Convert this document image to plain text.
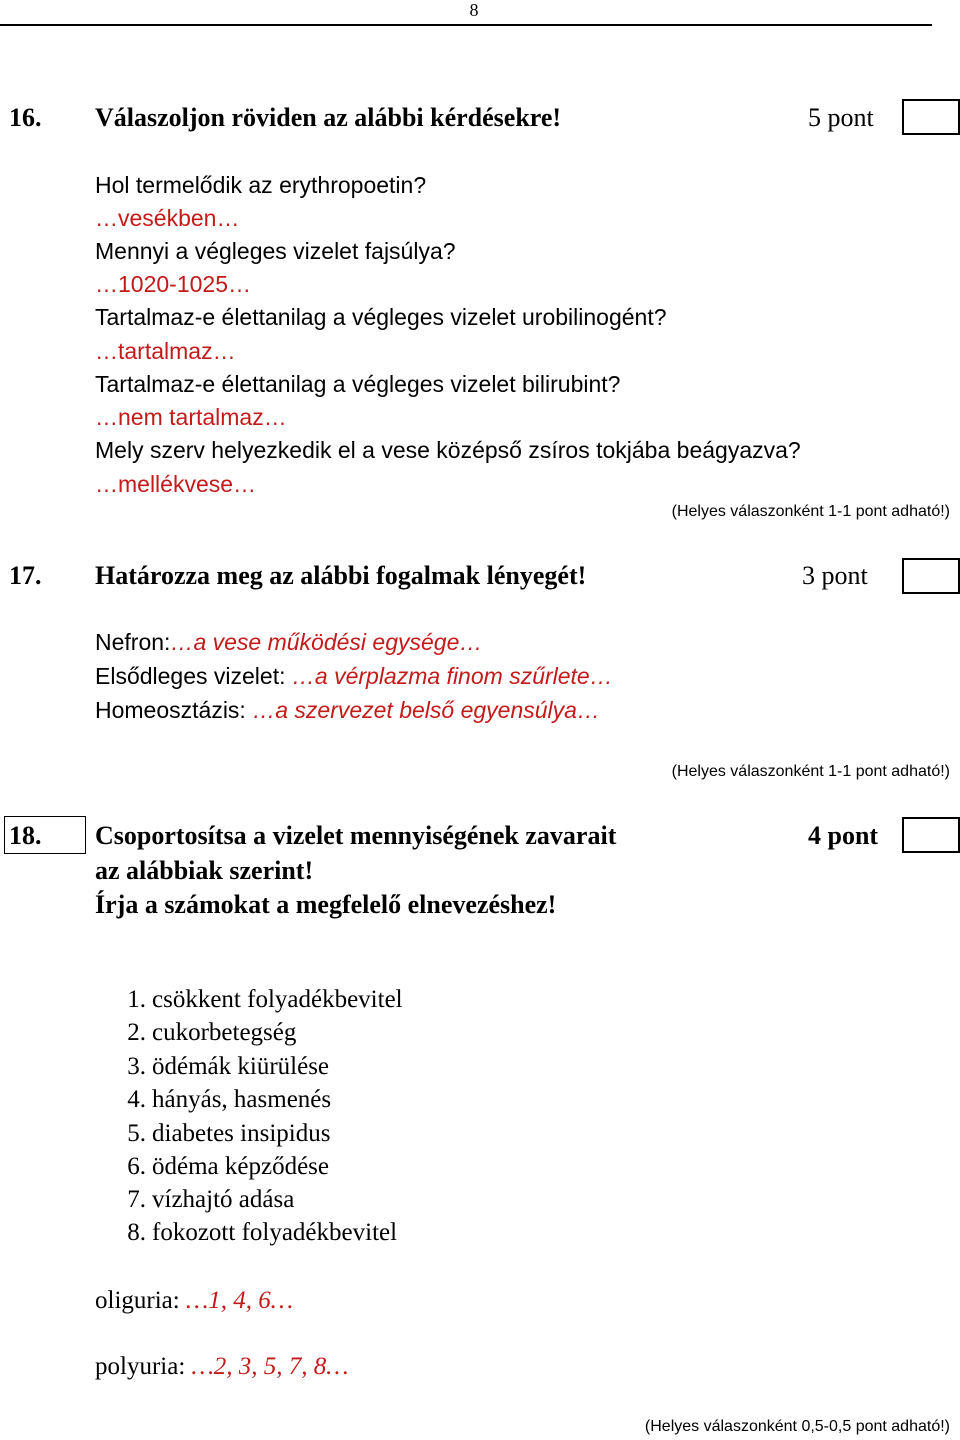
8
16. Válaszoljon röviden az alábbi kérdésekre!	5 pont
Hol termelődik az erythropoetin?
…vesékben…
Mennyi a végleges vizelet fajsúlya?
…1020-1025…
Tartalmaz-e élettanilag a végleges vizelet urobilinogént?
…tartalmaz…
Tartalmaz-e élettanilag a végleges vizelet bilirubint?
…nem tartalmaz…
Mely szerv helyezkedik el a vese középső zsíros tokjába beágyazva?
…mellékvese…
(Helyes válaszonként 1-1 pont adható!)
17. Határozza meg az alábbi fogalmak lényegét!	3 pont
Nefron:…a vese működési egysége…
Elsődleges vizelet: …a vérplazma finom szűrlete…
Homeosztázis: …a szervezet belső egyensúlya…
(Helyes válaszonként 1-1 pont adható!)
18. Csoportosítsa a vizelet mennyiségének zavarait	4 pont
az alábbiak szerint!
Írja a számokat a megfelelő elnevezéshez!
1. csökkent folyadékbevitel
2. cukorbetegség
3. ödémák kiürülése
4. hányás, hasmenés
5. diabetes insipidus
6. ödéma képződése
7. vízhajtó adása
8. fokozott folyadékbevitel
oliguria: …1, 4, 6…
polyuria: …2, 3, 5, 7, 8…
(Helyes válaszonként 0,5-0,5 pont adható!)
